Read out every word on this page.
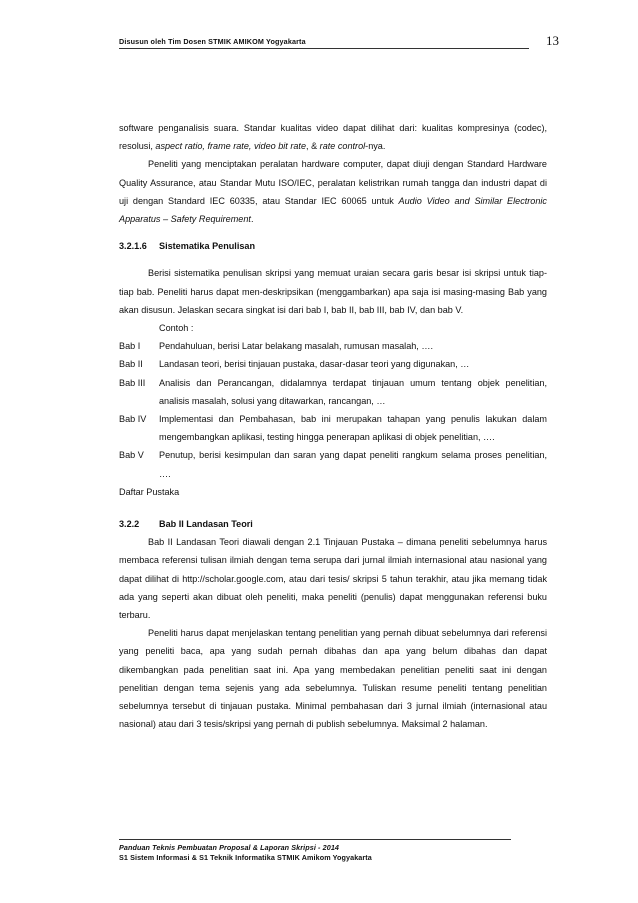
Disusun oleh Tim Dosen STMIK AMIKOM Yogyakarta	13

software penganalisis suara. Standar kualitas video dapat dilihat dari: kualitas kompresinya (codec), resolusi, aspect ratio, frame rate, video bit rate, & rate control-nya.

Peneliti yang menciptakan peralatan hardware computer, dapat diuji dengan Standard Hardware Quality Assurance, atau Standar Mutu ISO/IEC, peralatan kelistrikan rumah tangga dan industri dapat di uji dengan Standard IEC 60335, atau Standar IEC 60065 untuk Audio Video and Similar Electronic Apparatus – Safety Requirement.

3.2.1.6 Sistematika Penulisan

Berisi sistematika penulisan skripsi yang memuat uraian secara garis besar isi skripsi untuk tiap-tiap bab. Peneliti harus dapat men-deskripsikan (menggambarkan) apa saja isi masing-masing Bab yang akan disusun. Jelaskan secara singkat isi dari bab I, bab II, bab III, bab IV, dan bab V.

Contoh :

Bab I	Pendahuluan, berisi Latar belakang masalah, rumusan masalah, ….
Bab II	Landasan teori, berisi tinjauan pustaka, dasar-dasar teori yang digunakan, …
Bab III	Analisis dan Perancangan, didalamnya terdapat tinjauan umum tentang objek penelitian, analisis masalah, solusi yang ditawarkan, rancangan, …
Bab IV	Implementasi dan Pembahasan, bab ini merupakan tahapan yang penulis lakukan dalam mengembangkan aplikasi, testing hingga penerapan aplikasi di objek penelitian, ….
Bab V	Penutup, berisi kesimpulan dan saran yang dapat peneliti rangkum selama proses penelitian, ….

Daftar Pustaka

3.2.2 Bab II Landasan Teori

Bab II Landasan Teori diawali dengan 2.1 Tinjauan Pustaka – dimana peneliti sebelumnya harus membaca referensi tulisan ilmiah dengan tema serupa dari jurnal ilmiah internasional atau nasional yang dapat dilihat di http://scholar.google.com, atau dari tesis/ skripsi 5 tahun terakhir, atau jika memang tidak ada yang seperti akan dibuat oleh peneliti, maka peneliti (penulis) dapat menggunakan referensi buku terbaru.

Peneliti harus dapat menjelaskan tentang penelitian yang pernah dibuat sebelumnya dari referensi yang peneliti baca, apa yang sudah pernah dibahas dan apa yang belum dibahas dan dapat dikembangkan pada penelitian saat ini. Apa yang membedakan penelitian peneliti saat ini dengan penelitian dengan tema sejenis yang ada sebelumnya. Tuliskan resume peneliti tentang penelitian sebelumnya tersebut di tinjauan pustaka. Minimal pembahasan dari 3 jurnal ilmiah (internasional atau nasional) atau dari 3 tesis/skripsi yang pernah di publish sebelumnya. Maksimal 2 halaman.

Panduan Teknis Pembuatan Proposal & Laporan Skripsi - 2014
S1 Sistem Informasi & S1 Teknik Informatika STMIK Amikom Yogyakarta
